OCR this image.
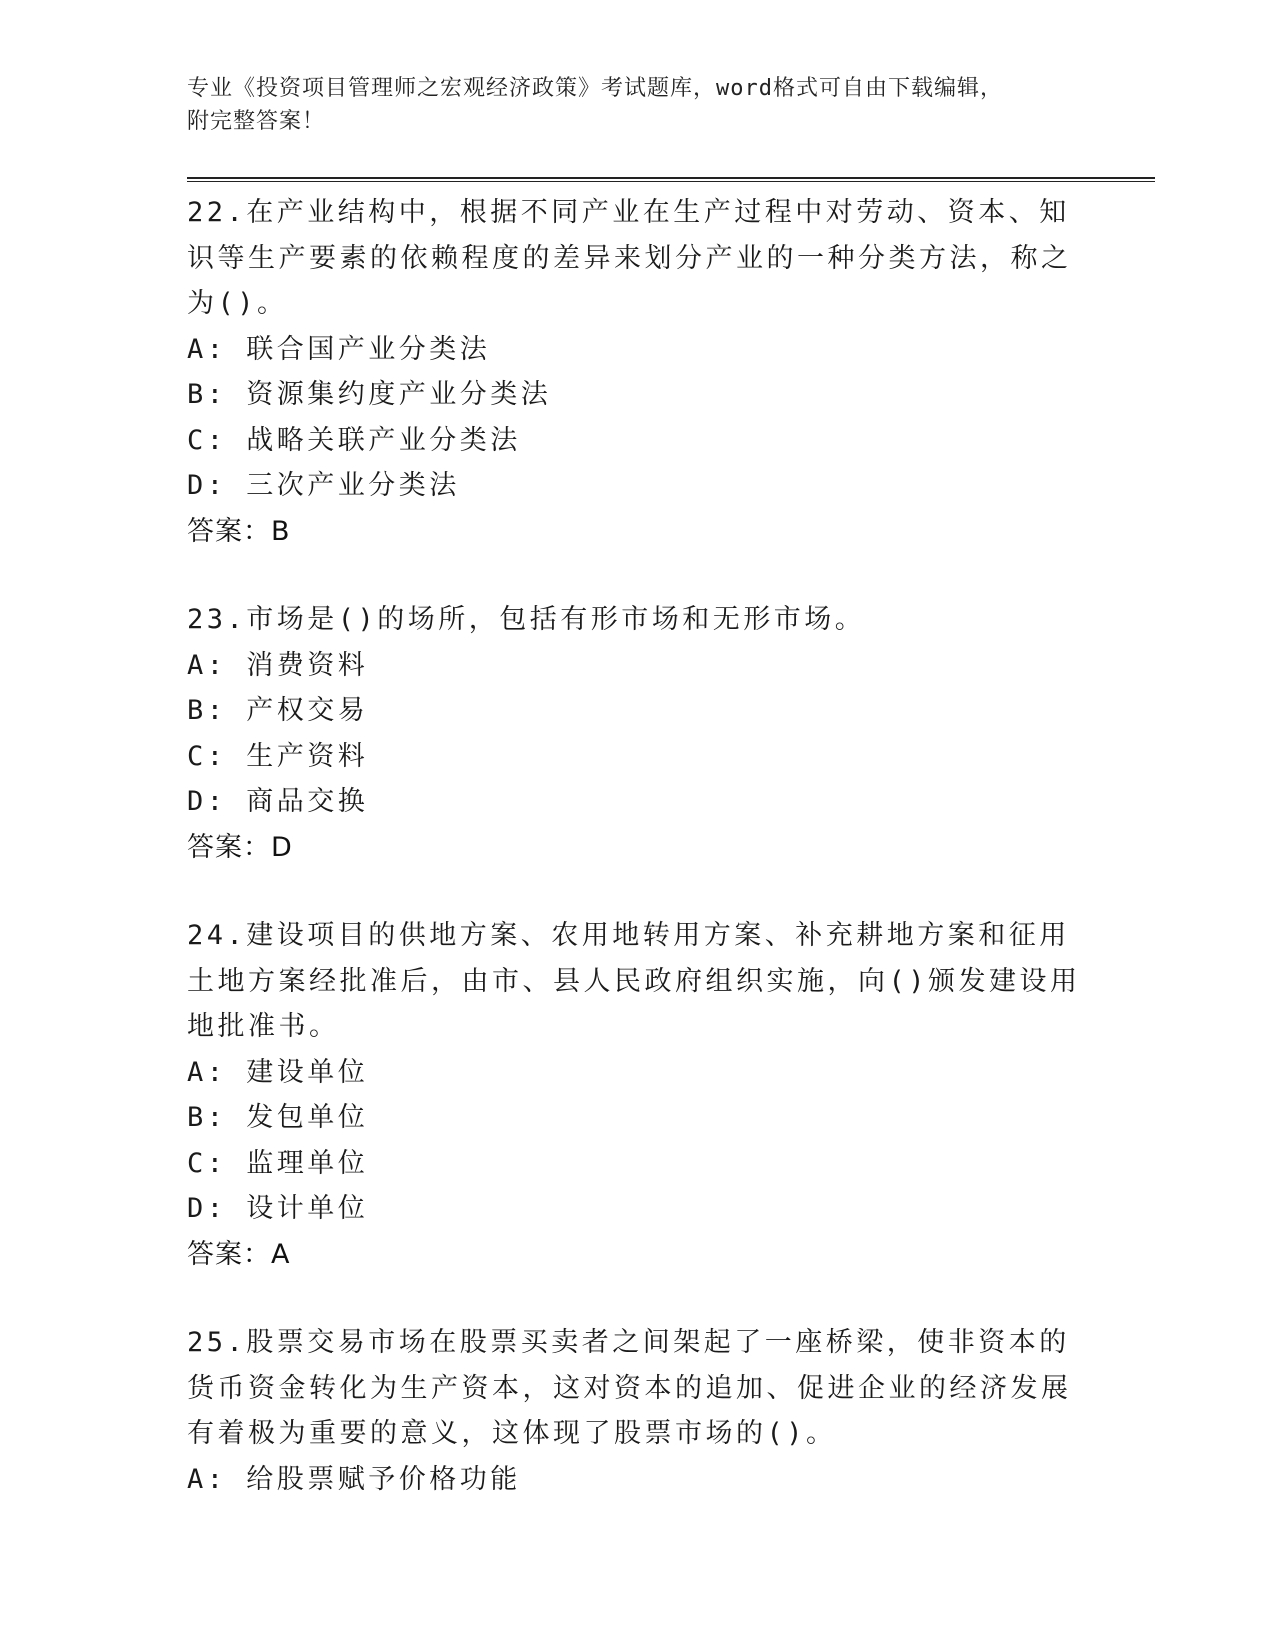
专业《投资项目管理师之宏观经济政策》考试题库，word格式可自由下载编辑，
附完整答案！

22.在产业结构中，根据不同产业在生产过程中对劳动、资本、知识等生产要素的依赖程度的差异来划分产业的一种分类方法，称之为()。

A: 联合国产业分类法

B: 资源集约度产业分类法

C: 战略关联产业分类法

D: 三次产业分类法

答案：B

23.市场是()的场所，包括有形市场和无形市场。

A: 消费资料

B: 产权交易

C: 生产资料

D: 商品交换

答案：D

24.建设项目的供地方案、农用地转用方案、补充耕地方案和征用土地方案经批准后，由市、县人民政府组织实施，向()颁发建设用地批准书。

A: 建设单位

B: 发包单位

C: 监理单位

D: 设计单位

答案：A

25.股票交易市场在股票买卖者之间架起了一座桥梁，使非资本的货币资金转化为生产资本，这对资本的追加、促进企业的经济发展有着极为重要的意义，这体现了股票市场的()。

A: 给股票赋予价格功能
